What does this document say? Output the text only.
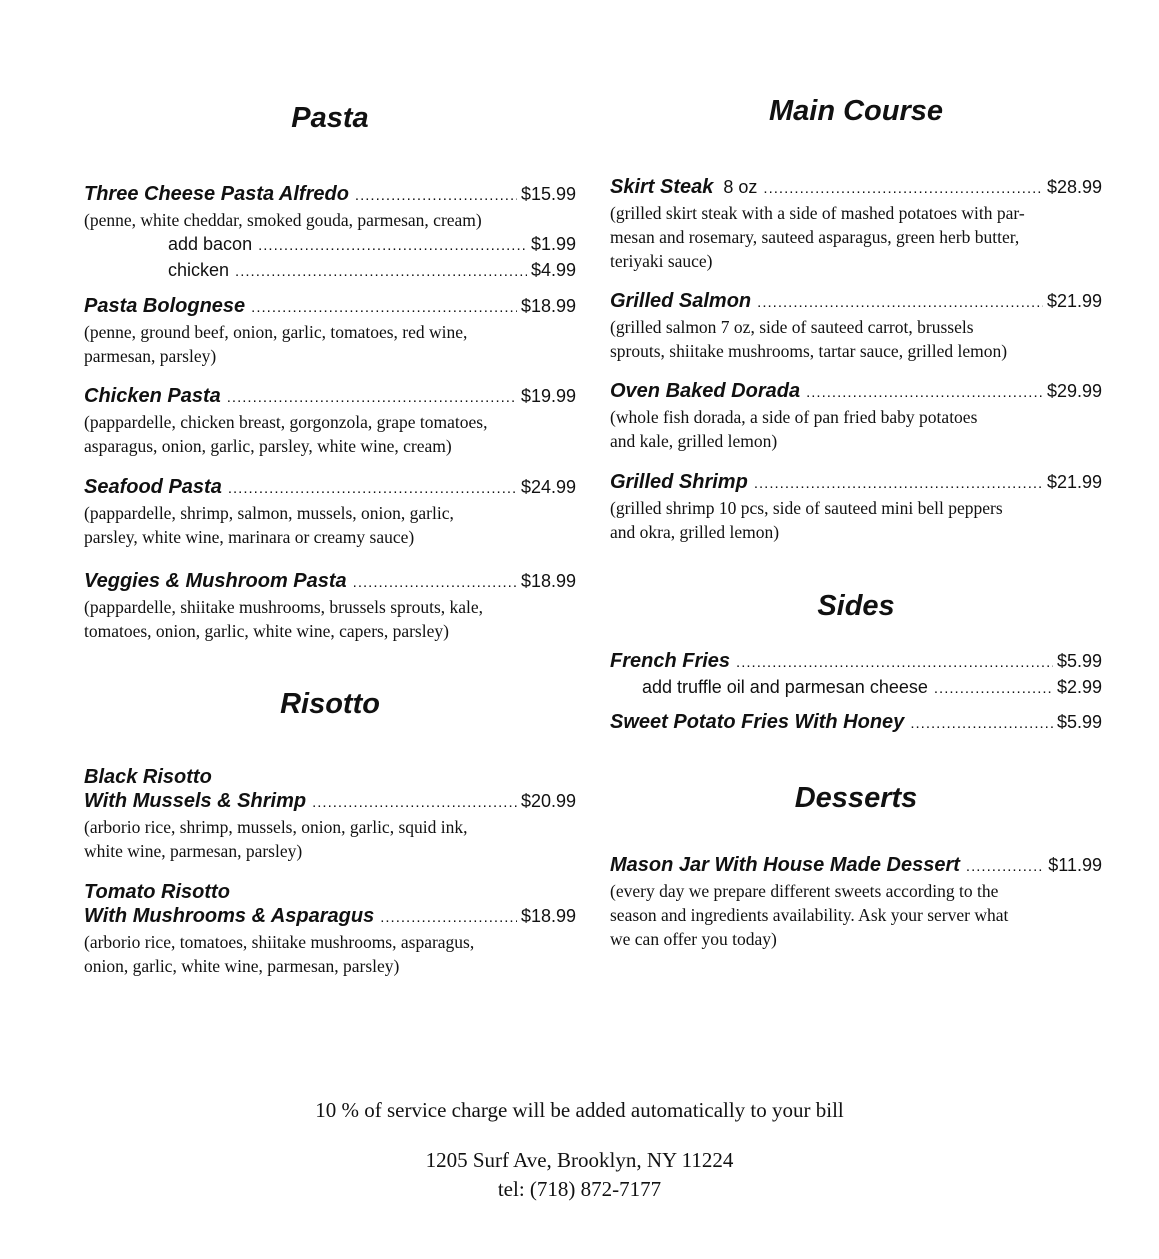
Pasta
Three Cheese Pasta Alfredo .....	$15.99

(penne, white cheddar, smoked gouda, parmesan, cream)

add bacon .....	$1.99
chicken .....	$4.99
Pasta Bolognese .....	$18.99

(penne, ground beef, onion, garlic, tomatoes, red wine,
parmesan, parsley)

Chicken Pasta .....	$19.99

(pappardelle, chicken breast, gorgonzola, grape tomatoes,
asparagus, onion, garlic, parsley, white wine, cream)

Seafood Pasta .....	$24.99

(pappardelle, shrimp, salmon, mussels, onion, garlic,
parsley, white wine, marinara or creamy sauce)

Veggies & Mushroom Pasta .....	$18.99

(pappardelle, shiitake mushrooms, brussels sprouts, kale,
tomatoes, onion, garlic, white wine, capers, parsley)

Risotto
Black Risotto
With Mussels & Shrimp .....	$20.99

(arborio rice, shrimp, mussels, onion, garlic, squid ink,
white wine, parmesan, parsley)

Tomato Risotto
With Mushrooms & Asparagus .....	$18.99

(arborio rice, tomatoes, shiitake mushrooms, asparagus,
onion, garlic, white wine, parmesan, parsley)

Main Course
Skirt Steak 8 oz .....	$28.99

(grilled skirt steak with a side of mashed potatoes with par-
mesan and rosemary, sauteed asparagus, green herb butter,
teriyaki sauce)

Grilled Salmon .....	$21.99

(grilled salmon 7 oz, side of sauteed carrot, brussels
sprouts, shiitake mushrooms, tartar sauce, grilled lemon)

Oven Baked Dorada .....	$29.99

(whole fish dorada, a side of pan fried baby potatoes
and kale, grilled lemon)

Grilled Shrimp .....	$21.99

(grilled shrimp 10 pcs, side of sauteed mini bell peppers
and okra, grilled lemon)

Sides
French Fries .....	$5.99
add truffle oil and parmesan cheese .....	$2.99
Sweet Potato Fries With Honey .....	$5.99
Desserts
Mason Jar With House Made Dessert .....	$11.99

(every day we prepare different sweets according to the
season and ingredients availability. Ask your server what
we can offer you today)

10 % of service charge will be added automatically to your bill
1205 Surf Ave, Brooklyn, NY 11224
tel: (718) 872-7177
